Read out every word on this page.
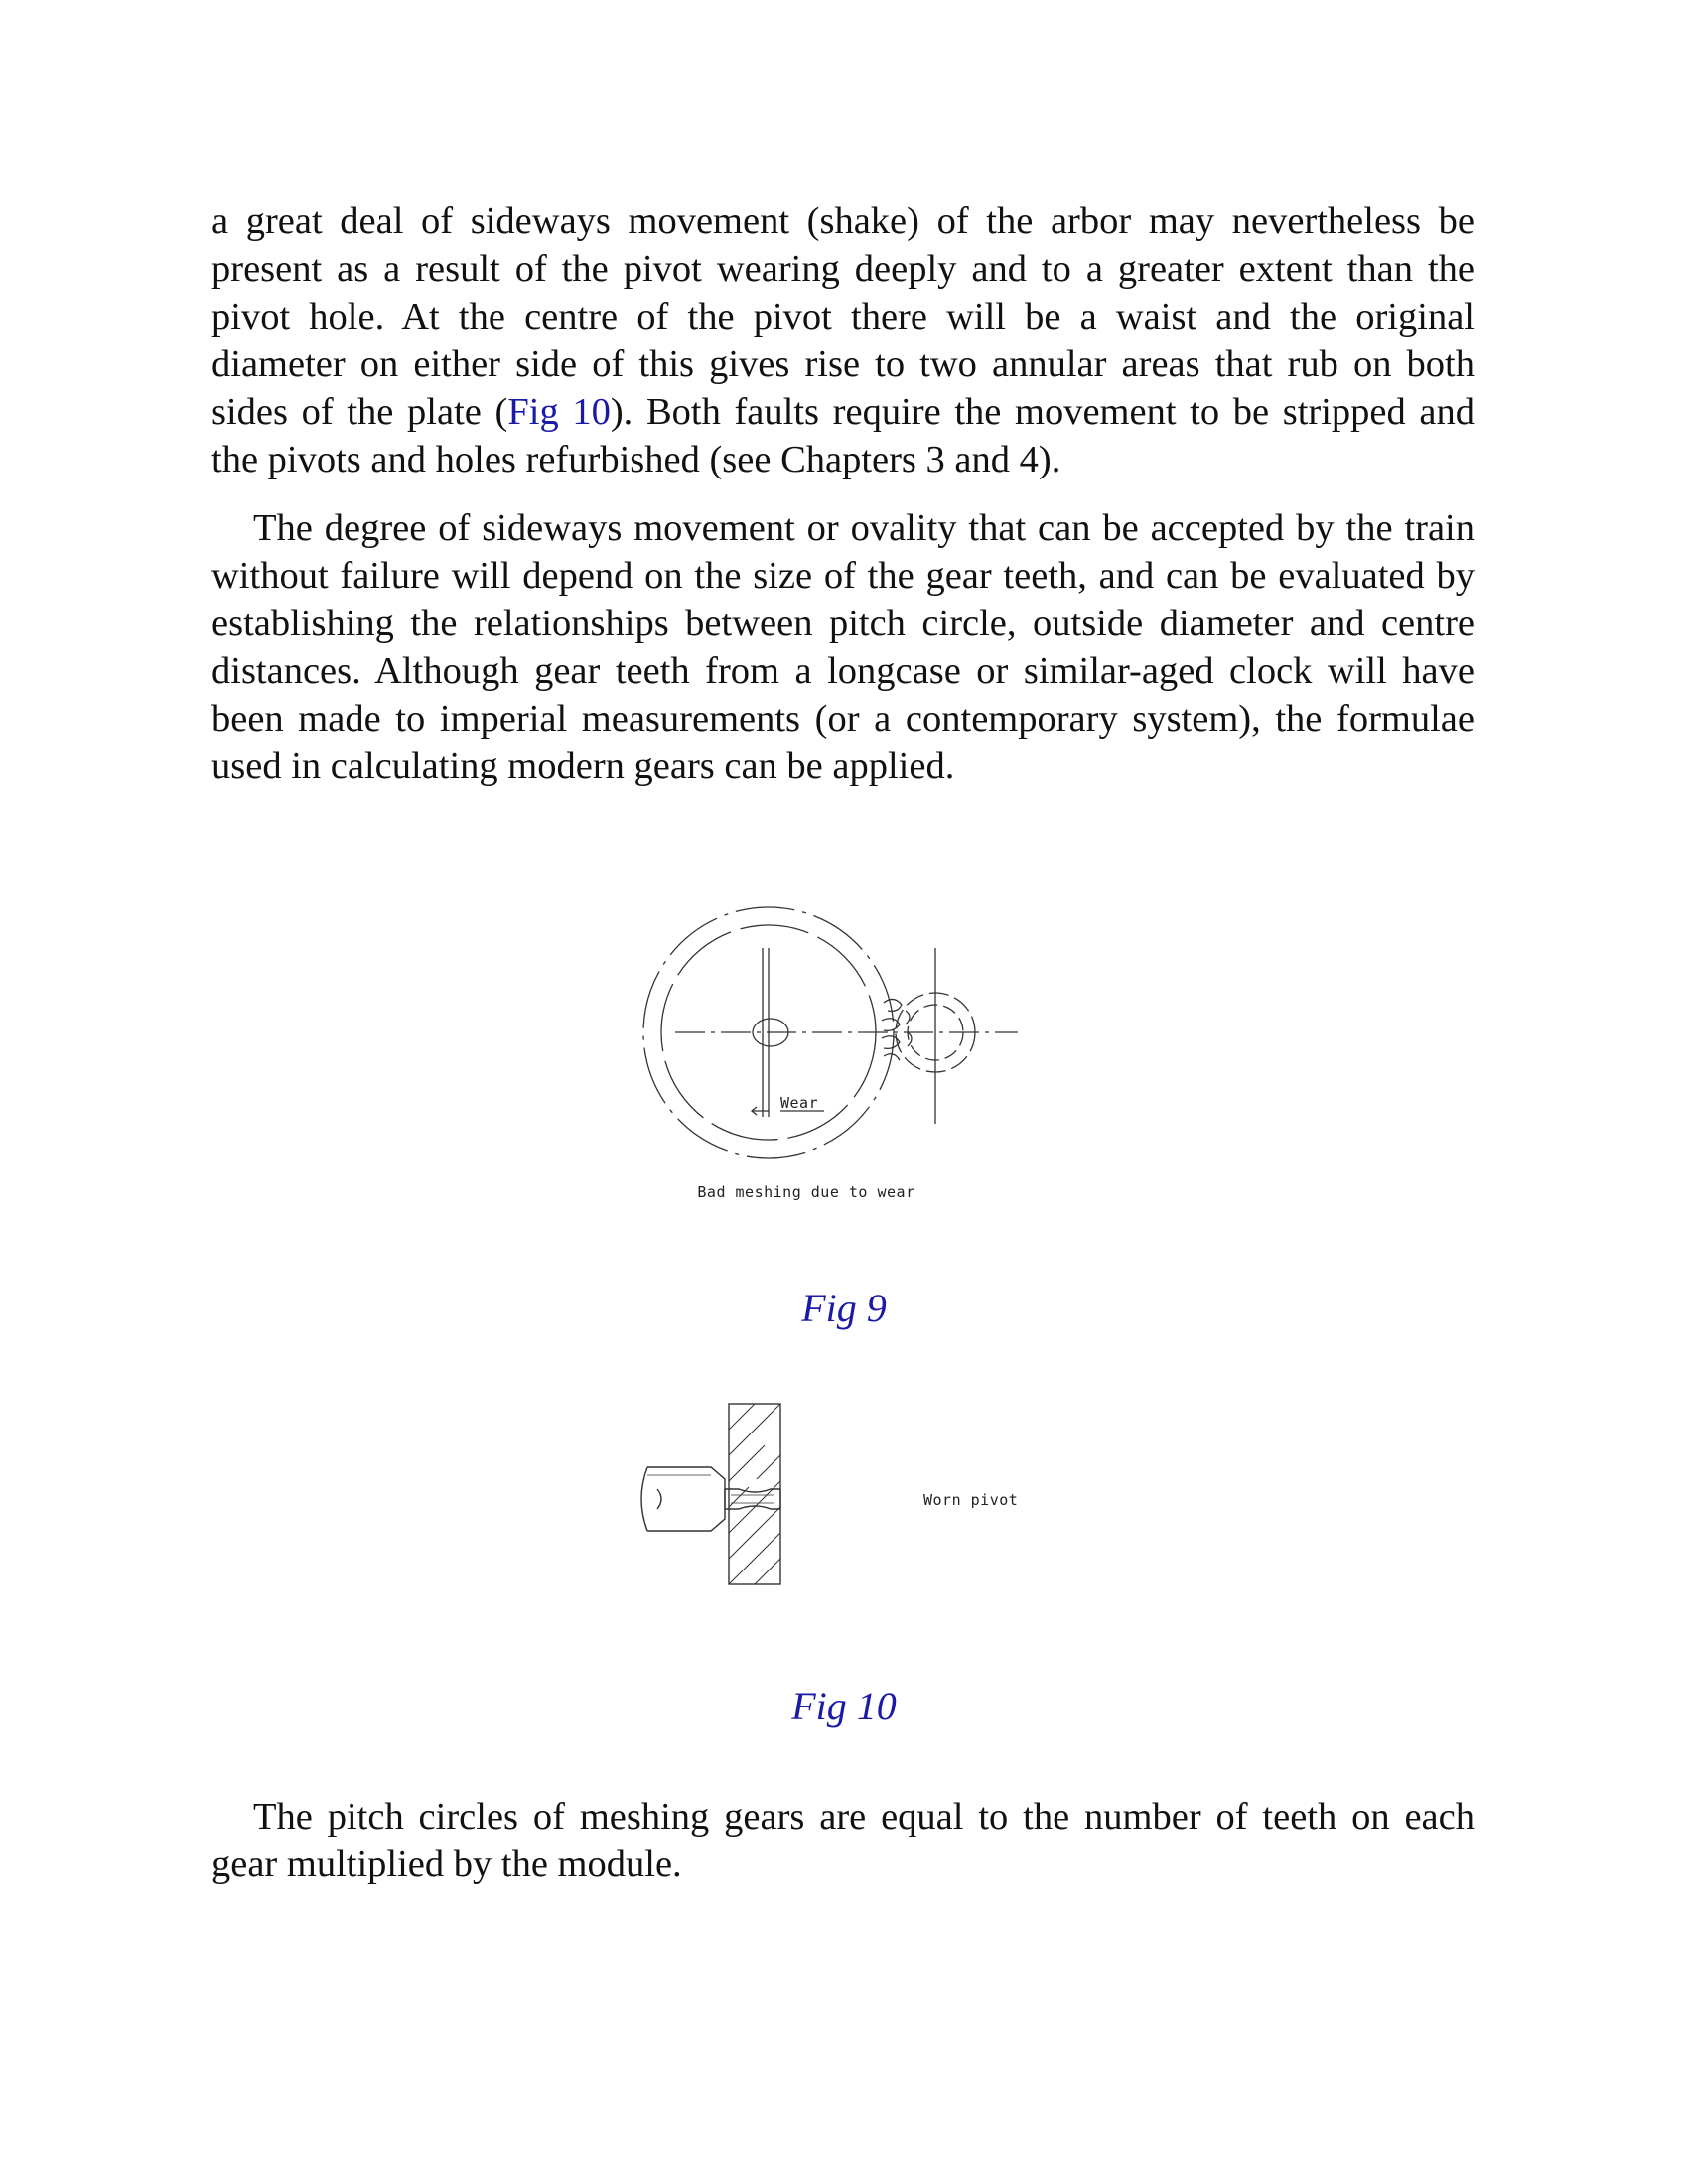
a great deal of sideways movement (shake) of the arbor may nevertheless be present as a result of the pivot wearing deeply and to a greater extent than the pivot hole. At the centre of the pivot there will be a waist and the original diameter on either side of this gives rise to two annular areas that rub on both sides of the plate (Fig 10). Both faults require the movement to be stripped and the pivots and holes refurbished (see Chapters 3 and 4).

The degree of sideways movement or ovality that can be accepted by the train without failure will depend on the size of the gear teeth, and can be evaluated by establishing the relationships between pitch circle, outside diameter and centre distances. Although gear teeth from a longcase or similar-aged clock will have been made to imperial measurements (or a contemporary system), the formulae used in calculating modern gears can be applied.

Wear
Bad meshing due to wear
Worn pivot

Fig 9

Fig 10

The pitch circles of meshing gears are equal to the number of teeth on each gear multiplied by the module.
